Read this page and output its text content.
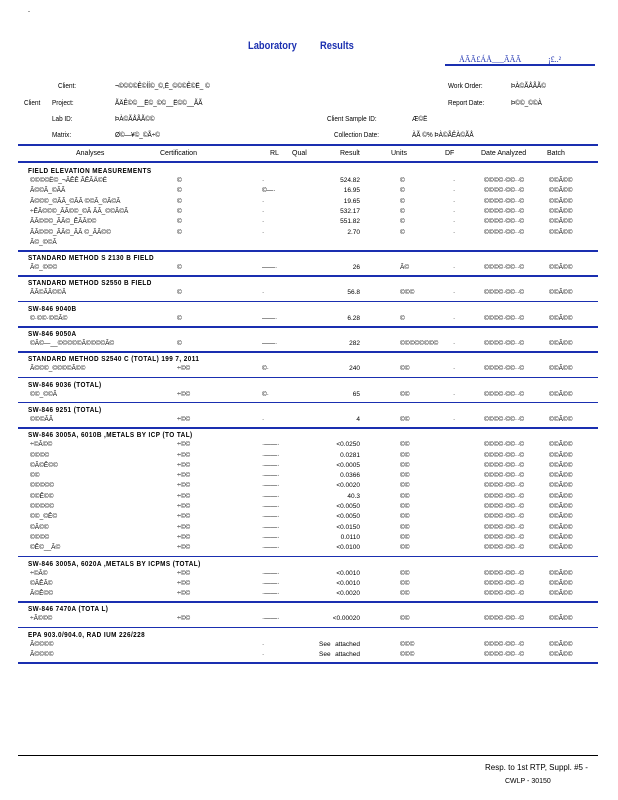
-
Laboratory Results
ÅÃÃ£ÁÅ___ÃÃÃ	¡£..²
Client:	¬©©©©Ê©ÍÍ©_©,Ë_©©©Ê©Ë_ ©
Client Project:	ÃÄÊ©©__Ë©_©©__Ë©©__ÃÃ
Lab ID:	ÞÀ©ÃÅÃÃ©©
Matrix:	Ø©—¥©_©Ã÷©
Work Order:	ÞÀ©ÃÅÃÃ©
Report Date:	Þ©©_©©À
Client Sample ID:	Æ©Ë
Collection Date:	ÀÃ ©% ÞÀ©ÃÊÀ©ÃÅ
Analyses	Certification	RL Qual	Result	Units	DF	Date Analyzed	Batch
FIELD ELEVATION MEASUREMENTS
©©©©Ë©_¬ÃÊÊ ÃÊÃÄ©Ë	©	·	524.82	©	·	©©©©·©©··©	©©Ã©©
Ã©©Ã_©ÃÃ	©	©—·	16.95	©	·	©©©©·©©··©	©©Ã©©
Ã©©©_©ÃÃ_©ÃÃ ©©Ã_©Ã©Ã	©	·	19.65	©	·	©©©©·©©··©	©©Ã©©
÷ÊÃ©©©_ÃÃ©©_©Ã ÃÃ_©©Ã©Ã	©	·	532.17	©	·	©©©©·©©··©	©©Ã©©
ÃÃ©©©_ÃÃ©_ÊÃÃ©©	©	·	551.82	©	·	©©©©·©©··©	©©Ã©©
ÃÃ©©©_ÃÃ©_ÃÃ ©_ÃÃ©©	©	·	2.70	©	·	©©©©·©©··©	©©Ã©©
Ã©_©©Ã
STANDARD METHOD S 2130 B FIELD
Ã©_©©©	©	——·	26	Ã©	·	©©©©·©©··©	©©Ã©©
STANDARD METHOD S2550 B FIELD
ÃÃ©ÃÃ©©Ã	©	·	56.8	©©©	·	©©©©·©©··©	©©Ã©©
SW-846 9040B
©·©©·©©Ã©	©	——·	6.28	©	·	©©©©·©©··©	©©Ã©©
SW-846 9050A
©Ã©—__©©©©©Ã©©©©Ã©	©	——·	282	©©©©©©©© ·	©©©©·©©··©	©©Ã©©
STANDARD METHOD S2540 C (TOTAL) 199 7, 2011
Ã©©©_©©©©Ã©©	÷©©	©·	240	©©	·	©©©©·©©··©	©©Ã©©
SW-846 9036 (TOTAL)
©©_©©Ã	÷©©	©·	65	©©	·	©©©©·©©··©	©©Ã©©
SW-846 9251 (TOTAL)
©©©ÃÃ	÷©©	·	4	©©	·	©©©©·©©··©	©©Ã©©
SW-846 3005A, 6010B ,METALS BY ICP (TO TAL)
÷©Ã©©	÷©©	·——·	<0.0250	©©	©©©©·©©··©	©©Ã©©
©©©©	÷©©	·——·	0.0281	©©	©©©©·©©··©	©©Ã©©
©Ã©Ê©©	÷©©	·——·	<0.0005	©©	©©©©·©©··©	©©Ã©©
©©	÷©©	·——·	0.0366	©©	©©©©·©©··©	©©Ã©©
©©©©©	÷©©	·——·	<0.0020	©©	©©©©·©©··©	©©Ã©©
©©Ê©©	÷©©	·——·	40.3	©©	©©©©·©©··©	©©Ã©©
©©©©©	÷©©	·——·	<0.0050	©©	©©©©·©©··©	©©Ã©©
©©_©Ê©	÷©©	·——·	<0.0050	©©	©©©©·©©··©	©©Ã©©
©Ã©©	÷©©	·——·	<0.0150	©©	©©©©·©©··©	©©Ã©©
©©©©	÷©©	·——·	0.0110	©©	©©©©·©©··©	©©Ã©©
©Ê©__Ã©	÷©©	·——·	<0.0100	©©	©©©©·©©··©	©©Ã©©
SW-846 3005A, 6020A ,METALS BY ICPMS (TOTAL)
÷©Ã©	÷©©	·——·	<0.0010	©©	©©©©·©©··©	©©Ã©©
©ÃÊÃ©	÷©©	·——·	<0.0010	©©	©©©©·©©··©	©©Ã©©
Ã©Ê©©	÷©©	·——·	<0.0020	©©	©©©©·©©··©	©©Ã©©
SW-846 7470A (TOTA L)
÷Ã©©©	÷©©	·——·	<0.00020	©©	©©©©·©©··©	©©Ã©©
EPA 903.0/904.0, RAD IUM 226/228
Ã©©©©	·	See attached	©©©	©©©©·©©··©	©©Ã©©
Ã©©©©	·	See attached	©©©	©©©©·©©··©	©©Ã©©
Resp. to 1st RTP, Suppl. #5 -
CWLP - 30150
